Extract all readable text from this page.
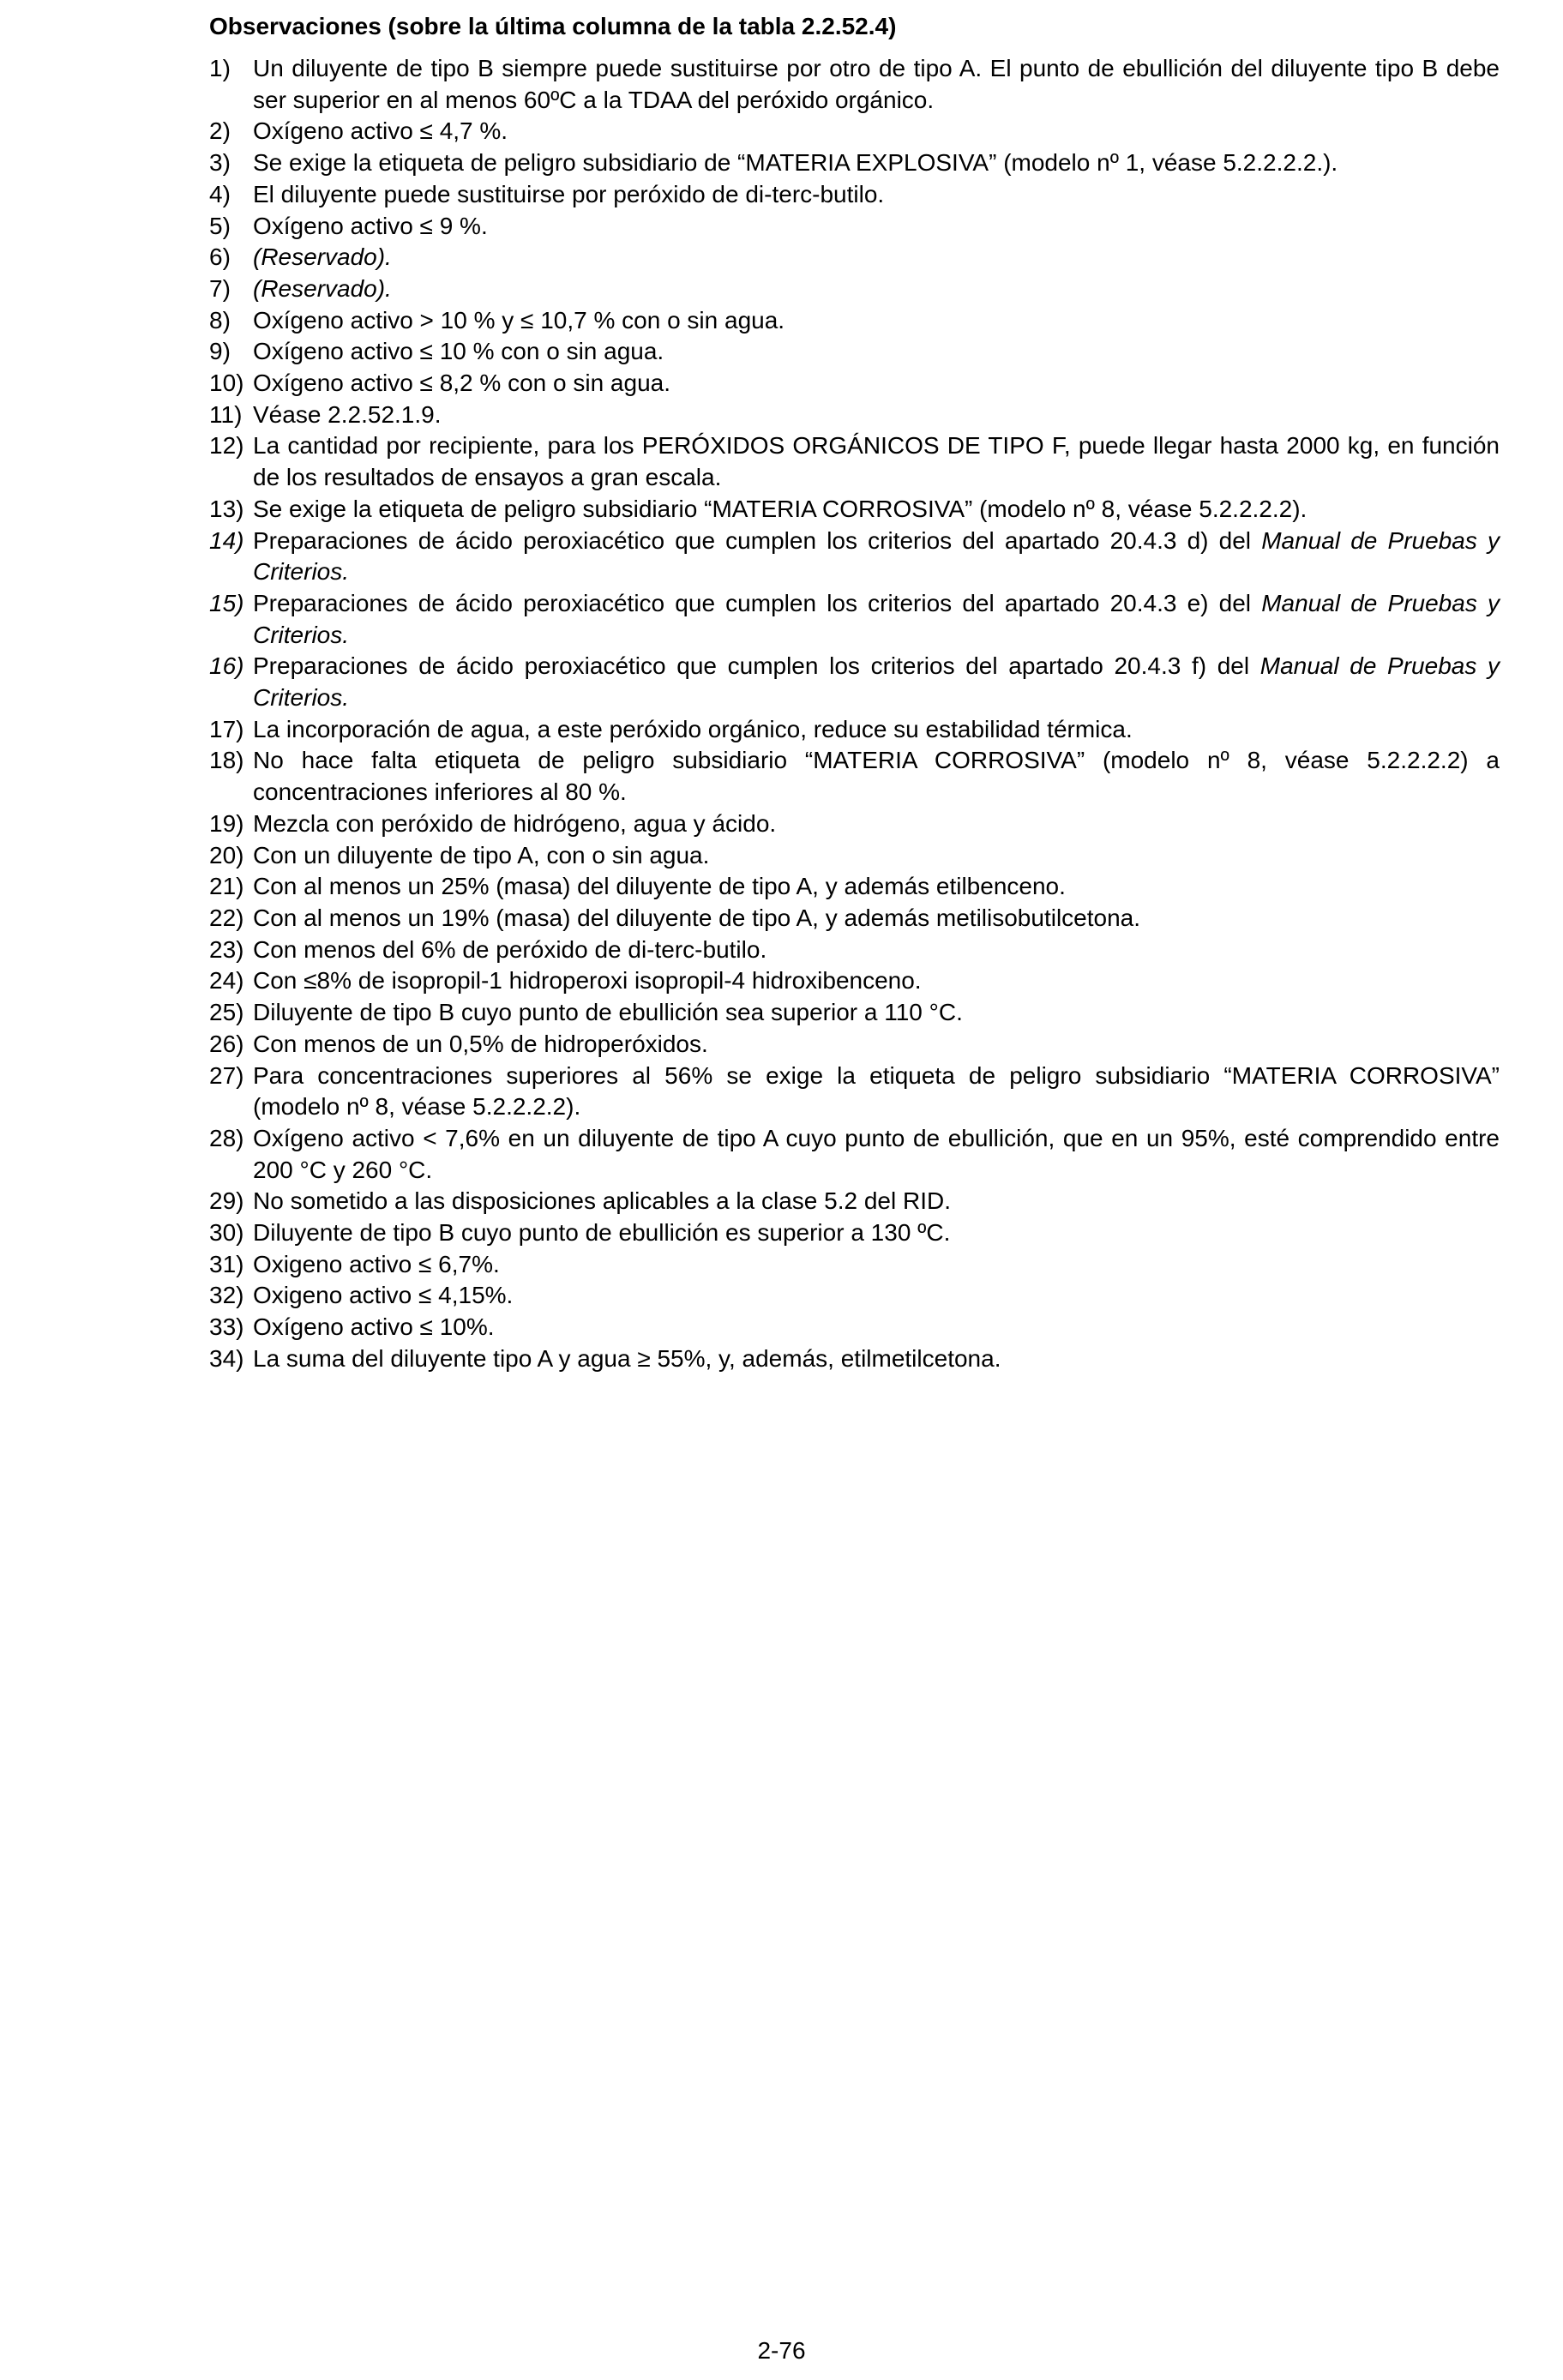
Observaciones (sobre la última columna de la tabla 2.2.52.4)
1) Un diluyente de tipo B siempre puede sustituirse por otro de tipo A. El punto de ebullición del diluyente tipo B debe ser superior en al menos 60ºC a la TDAA del peróxido orgánico.
2) Oxígeno activo ≤ 4,7 %.
3) Se exige la etiqueta de peligro subsidiario de “MATERIA EXPLOSIVA” (modelo nº 1, véase 5.2.2.2.2.).
4) El diluyente puede sustituirse por peróxido de di-terc-butilo.
5) Oxígeno activo ≤ 9 %.
6) (Reservado).
7) (Reservado).
8) Oxígeno activo > 10 % y ≤ 10,7 % con o sin agua.
9) Oxígeno activo ≤ 10 % con o sin agua.
10) Oxígeno activo ≤ 8,2 % con o sin agua.
11) Véase 2.2.52.1.9.
12) La cantidad por recipiente, para los PERÓXIDOS ORGÁNICOS DE TIPO F, puede llegar hasta 2000 kg, en función de los resultados de ensayos a gran escala.
13) Se exige la etiqueta de peligro subsidiario “MATERIA CORROSIVA” (modelo nº 8, véase 5.2.2.2.2).
14) Preparaciones de ácido peroxiacético que cumplen los criterios del apartado 20.4.3 d) del Manual de Pruebas y Criterios.
15) Preparaciones de ácido peroxiacético que cumplen los criterios del apartado 20.4.3 e) del Manual de Pruebas y Criterios.
16) Preparaciones de ácido peroxiacético que cumplen los criterios del apartado 20.4.3 f) del Manual de Pruebas y Criterios.
17) La incorporación de agua, a este peróxido orgánico, reduce su estabilidad térmica.
18) No hace falta etiqueta de peligro subsidiario “MATERIA CORROSIVA” (modelo nº 8, véase 5.2.2.2.2) a concentraciones inferiores al 80 %.
19) Mezcla con peróxido de hidrógeno, agua y ácido.
20) Con un diluyente de tipo A, con o sin agua.
21) Con al menos un 25% (masa) del diluyente de tipo A, y además etilbenceno.
22) Con al menos un 19% (masa) del diluyente de tipo A, y además metilisobutilcetona.
23) Con menos del 6% de peróxido de di-terc-butilo.
24) Con ≤8% de isopropil-1 hidroperoxi isopropil-4 hidroxibenceno.
25) Diluyente de tipo B cuyo punto de ebullición sea superior a 110 °C.
26) Con menos de un 0,5% de hidroperóxidos.
27) Para concentraciones superiores al 56% se exige la etiqueta de peligro subsidiario “MATERIA CORROSIVA” (modelo nº 8, véase 5.2.2.2.2).
28) Oxígeno activo < 7,6% en un diluyente de tipo A cuyo punto de ebullición, que en un 95%, esté comprendido entre 200 °C y 260 °C.
29) No sometido a las disposiciones aplicables a la clase 5.2 del RID.
30) Diluyente de tipo B cuyo punto de ebullición es superior a 130 ºC.
31) Oxigeno activo ≤ 6,7%.
32) Oxigeno activo ≤ 4,15%.
33) Oxígeno activo ≤ 10%.
34) La suma del diluyente tipo A y agua ≥ 55%, y, además, etilmetilcetona.
2-76
